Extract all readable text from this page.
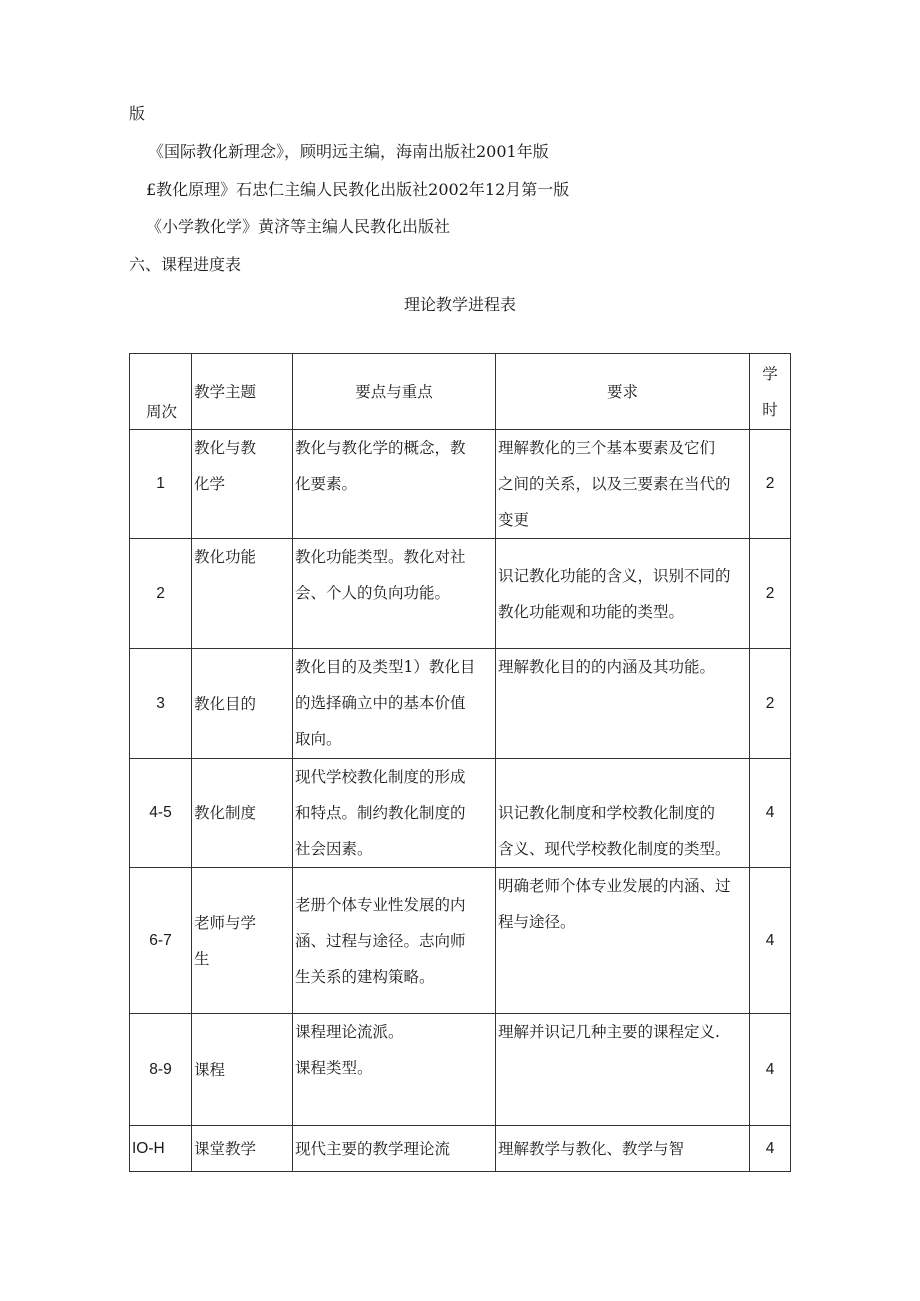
版
《国际教化新理念》，顾明远主编，海南出版社2001年版
£教化原理》石忠仁主编人民教化出版社2002年12月第一版
《小学教化学》黄济等主编人民教化出版社
六、课程进度表
理论教学进程表
周次	教学主题	要点与重点	要求	学
时

1	教化与教
化学	教化与教化学的概念，教
化要素。	理解教化的三个基本要素及它们
之间的关系，以及三要素在当代的
变更	2
2	教化功能	教化功能类型。教化对社
会、个人的负向功能。	识记教化功能的含义，识别不同的
教化功能观和功能的类型。	2
3	教化目的	教化目的及类型1）教化目
的选择确立中的基本价值
取向。	理解教化目的的内涵及其功能。	2
4-5	教化制度	现代学校教化制度的形成
和特点。制约教化制度的
社会因素。	识记教化制度和学校教化制度的
含义、现代学校教化制度的类型。	4
6-7	老师与学
生	老册个体专业性发展的内
涵、过程与途径。志向师
生关系的建构策略。	明确老师个体专业发展的内涵、过
程与途径。	4
8-9	课程	课程理论流派。
课程类型。	理解并识记几种主要的课程定义.	4
IO-H	课堂教学	现代主要的教学理论流	理解教学与教化、教学与智	4
